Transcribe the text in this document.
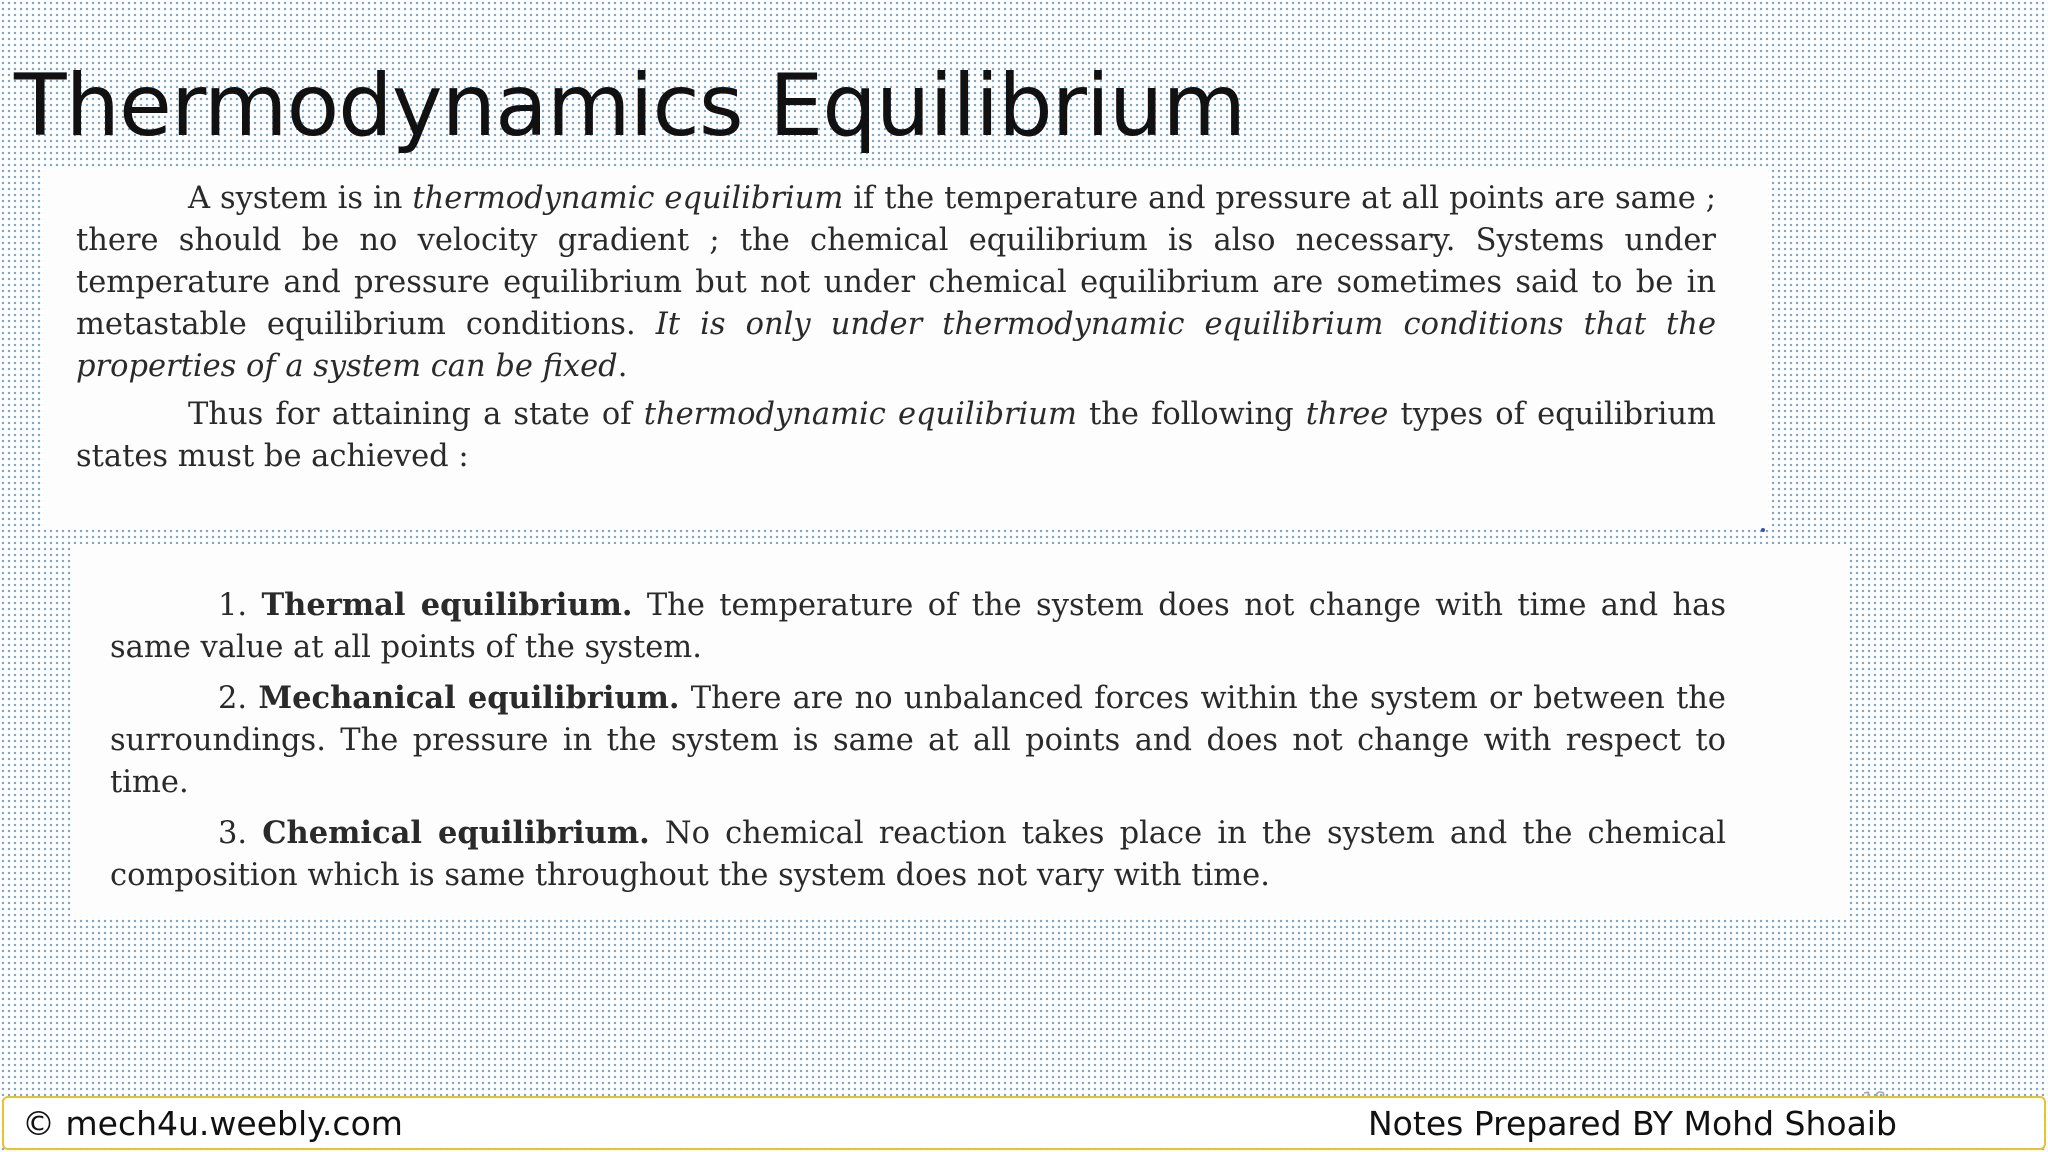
Thermodynamics Equilibrium

A system is in thermodynamic equilibrium if the temperature and pressure at all points are same ; there should be no velocity gradient ; the chemical equilibrium is also necessary. Systems under temperature and pressure equilibrium but not under chemical equilibrium are sometimes said to be in metastable equilibrium conditions. It is only under thermodynamic equilibrium conditions that the properties of a system can be fixed.

Thus for attaining a state of thermodynamic equilibrium the following three types of equilibrium states must be achieved :

1. Thermal equilibrium. The temperature of the system does not change with time and has same value at all points of the system.

2. Mechanical equilibrium. There are no unbalanced forces within the system or between the surroundings. The pressure in the system is same at all points and does not change with respect to time.

3. Chemical equilibrium. No chemical reaction takes place in the system and the chemical composition which is same throughout the system does not vary with time.

© mech4u.weebly.com	Notes Prepared BY Mohd Shoaib
